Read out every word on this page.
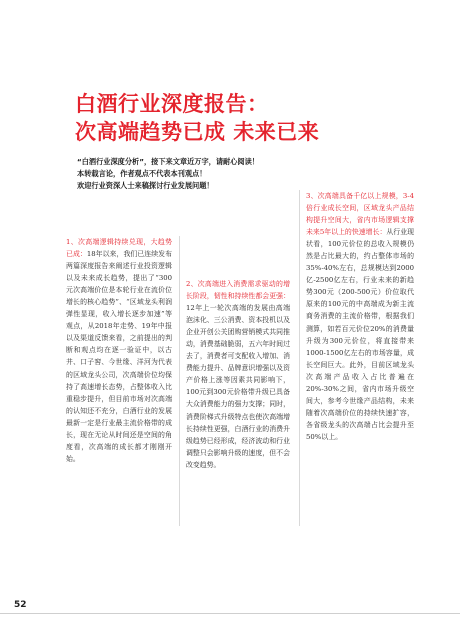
白酒行业深度报告：
次高端趋势已成 未来已来
“白酒行业深度分析”，接下来文章近万字，请耐心阅读！
本转载言论，作者观点不代表本刊观点！
欢迎行业资深人士来稿探讨行业发展问题！
1、次高端逻辑持续兑现，大趋势已成：18年以来，我们已连续发布两篇深度报告来阐述行业投资逻辑以及未来成长趋势，提出了“300元次高端价位是本轮行业在流价位增长的核心趋势”、“区域龙头利润弹性显现，收入增长逐步加速”等观点，从2018年走势、19年中报以及渠道反馈来看，之前提出的判断和观点均在逐一验证中，以古井、口子窖、今世缘、洋河为代表的区域龙头公司，次高端价位均保持了高速增长态势，占整体收入比重稳步提升，但目前市场对次高端的认知还不充分，白酒行业的发展最新一定是行业最主流价格带的成长，现在无论从时间还是空间的角度看，次高端的成长都才刚刚开始。
2、次高端进入消费需求驱动的增长阶段，韧性和持续性都会更强：12年上一轮次高端的发展由高端泡沫化、三公消费、资本投机以及企业开创公关团购营销模式共同推动，消费基础脆弱，五六年时间过去了，消费者可支配收入增加、消费能力提升、品牌意识增强以及资产价格上涨等因素共同影响下，100元到300元价格带升级已具备大众消费能力的强力支撑；同时，消费阶梯式升级特点也使次高端增长持续性更强，白酒行业的消费升级趋势已经形成，经济波动和行业调整只会影响升级的速度，但不会改变趋势。
3、次高端具备千亿以上规模，3-4倍行业成长空间，区域龙头产品结构提升空间大，省内市场逻辑支撑未来5年以上的快速增长：从行业现状看，100元价位的总收入规模仍然是占比最大的，约占整体市场的35%-40%左右，总规模达到2000亿-2500亿左右，行业未来的新趋势300元（200-500元）价位取代原来的100元的中高端成为新主流商务消费的主流价格带，根据我们测算，如若百元价位20%的消费量升级为300元价位，将直接带来1000-1500亿左右的市场容量，成长空间巨大。此外，目前区域龙头次高端产品收入占比普遍在20%-30%之间，省内市场升级空间大，参考今世缘产品结构，未来随着次高端价位的持续快速扩容，各省级龙头的次高端占比会提升至50%以上。
52
